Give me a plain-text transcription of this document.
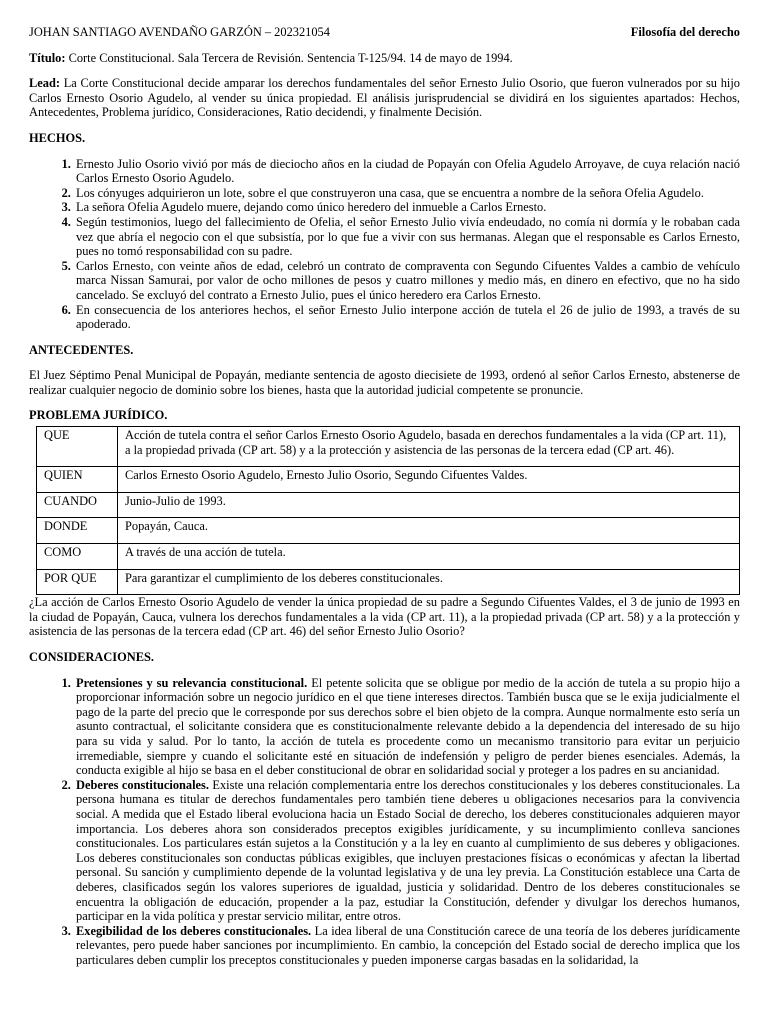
JOHAN SANTIAGO AVENDAÑO GARZÓN – 202321054	Filosofía del derecho

Título: Corte Constitucional. Sala Tercera de Revisión. Sentencia T-125/94. 14 de mayo de 1994.

Lead: La Corte Constitucional decide amparar los derechos fundamentales del señor Ernesto Julio Osorio, que fueron vulnerados por su hijo Carlos Ernesto Osorio Agudelo, al vender su única propiedad. El análisis jurisprudencial se dividirá en los siguientes apartados: Hechos, Antecedentes, Problema jurídico, Consideraciones, Ratio decidendi, y finalmente Decisión.

HECHOS.
1. Ernesto Julio Osorio vivió por más de dieciocho años en la ciudad de Popayán con Ofelia Agudelo Arroyave, de cuya relación nació Carlos Ernesto Osorio Agudelo.
2. Los cónyuges adquirieron un lote, sobre el que construyeron una casa, que se encuentra a nombre de la señora Ofelia Agudelo.
3. La señora Ofelia Agudelo muere, dejando como único heredero del inmueble a Carlos Ernesto.
4. Según testimonios, luego del fallecimiento de Ofelia, el señor Ernesto Julio vivía endeudado, no comía ni dormía y le robaban cada vez que abría el negocio con el que subsistía, por lo que fue a vivir con sus hermanas. Alegan que el responsable es Carlos Ernesto, pues no tomó responsabilidad con su padre.
5. Carlos Ernesto, con veinte años de edad, celebró un contrato de compraventa con Segundo Cifuentes Valdes a cambio de vehículo marca Nissan Samurai, por valor de ocho millones de pesos y cuatro millones y medio más, en dinero en efectivo, que no ha sido cancelado. Se excluyó del contrato a Ernesto Julio, pues el único heredero era Carlos Ernesto.
6. En consecuencia de los anteriores hechos, el señor Ernesto Julio interpone acción de tutela el 26 de julio de 1993, a través de su apoderado.
ANTECEDENTES.

El Juez Séptimo Penal Municipal de Popayán, mediante sentencia de agosto diecisiete de 1993, ordenó al señor Carlos Ernesto, abstenerse de realizar cualquier negocio de dominio sobre los bienes, hasta que la autoridad judicial competente se pronuncie.

PROBLEMA JURÍDICO.
QUE	Acción de tutela contra el señor Carlos Ernesto Osorio Agudelo, basada en derechos fundamentales a la vida (CP art. 11), a la propiedad privada (CP art. 58) y a la protección y asistencia de las personas de la tercera edad (CP art. 46).
QUIEN	Carlos Ernesto Osorio Agudelo, Ernesto Julio Osorio, Segundo Cifuentes Valdes.
CUANDO	Junio-Julio de 1993.
DONDE	Popayán, Cauca.
COMO	A través de una acción de tutela.
POR QUE	Para garantizar el cumplimiento de los deberes constitucionales.

¿La acción de Carlos Ernesto Osorio Agudelo de vender la única propiedad de su padre a Segundo Cifuentes Valdes, el 3 de junio de 1993 en la ciudad de Popayán, Cauca, vulnera los derechos fundamentales a la vida (CP art. 11), a la propiedad privada (CP art. 58) y a la protección y asistencia de las personas de la tercera edad (CP art. 46) del señor Ernesto Julio Osorio?

CONSIDERACIONES.
1. Pretensiones y su relevancia constitucional. El petente solicita que se obligue por medio de la acción de tutela a su propio hijo a proporcionar información sobre un negocio jurídico en el que tiene intereses directos. También busca que se le exija judicialmente el pago de la parte del precio que le corresponde por sus derechos sobre el bien objeto de la compra. Aunque normalmente esto sería un asunto contractual, el solicitante considera que es constitucionalmente relevante debido a la dependencia del interesado de su hijo para su vida y salud. Por lo tanto, la acción de tutela es procedente como un mecanismo transitorio para evitar un perjuicio irremediable, siempre y cuando el solicitante esté en situación de indefensión y peligro de perder bienes esenciales. Además, la conducta exigible al hijo se basa en el deber constitucional de obrar en solidaridad social y proteger a los padres en su ancianidad.
2. Deberes constitucionales. Existe una relación complementaria entre los derechos constitucionales y los deberes constitucionales. La persona humana es titular de derechos fundamentales pero también tiene deberes u obligaciones necesarios para la convivencia social. A medida que el Estado liberal evoluciona hacia un Estado Social de derecho, los deberes constitucionales adquieren mayor importancia. Los deberes ahora son considerados preceptos exigibles jurídicamente, y su incumplimiento conlleva sanciones constitucionales. Los particulares están sujetos a la Constitución y a la ley en cuanto al cumplimiento de sus deberes y obligaciones. Los deberes constitucionales son conductas públicas exigibles, que incluyen prestaciones físicas o económicas y afectan la libertad personal. Su sanción y cumplimiento depende de la voluntad legislativa y de una ley previa. La Constitución establece una Carta de deberes, clasificados según los valores superiores de igualdad, justicia y solidaridad. Dentro de los deberes constitucionales se encuentra la obligación de educación, propender a la paz, estudiar la Constitución, defender y divulgar los derechos humanos, participar en la vida política y prestar servicio militar, entre otros.
3. Exegibilidad de los deberes constitucionales. La idea liberal de una Constitución carece de una teoría de los deberes jurídicamente relevantes, pero puede haber sanciones por incumplimiento. En cambio, la concepción del Estado social de derecho implica que los particulares deben cumplir los preceptos constitucionales y pueden imponerse cargas basadas en la solidaridad, la
